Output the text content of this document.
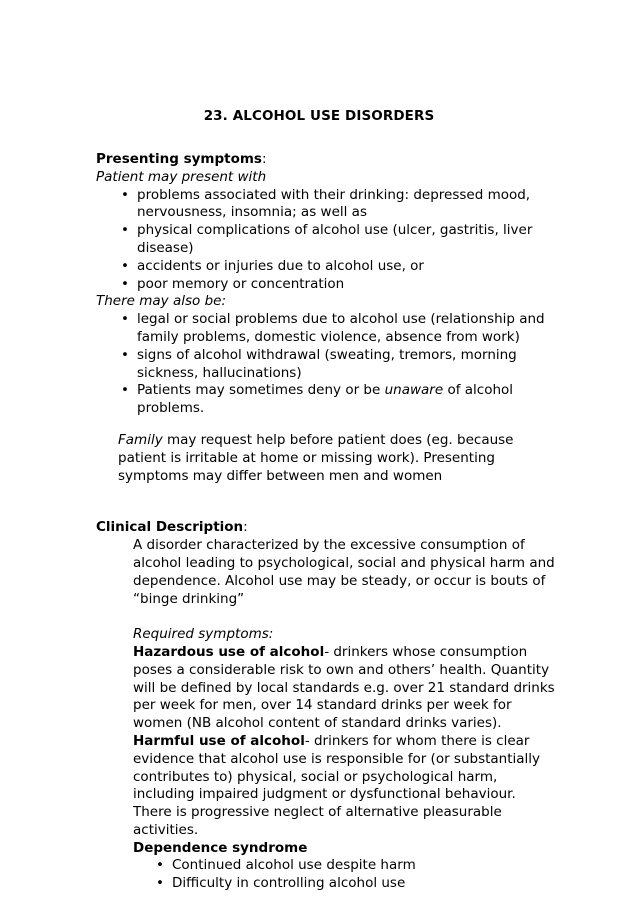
23. ALCOHOL USE DISORDERS
Presenting symptoms:
Patient may present with
• problems associated with their drinking: depressed mood, nervousness, insomnia; as well as
• physical complications of alcohol use (ulcer, gastritis, liver disease)
• accidents or injuries due to alcohol use, or
• poor memory or concentration
There may also be:
• legal or social problems due to alcohol use (relationship and family problems, domestic violence, absence from work)
• signs of alcohol withdrawal (sweating, tremors, morning sickness, hallucinations)
• Patients may sometimes deny or be unaware of alcohol problems.
Family may request help before patient does (eg. because patient is irritable at home or missing work). Presenting symptoms may differ between men and women
Clinical Description:
A disorder characterized by the excessive consumption of alcohol leading to psychological, social and physical harm and dependence. Alcohol use may be steady, or occur is bouts of “binge drinking”
Required symptoms:
Hazardous use of alcohol- drinkers whose consumption poses a considerable risk to own and others’ health. Quantity will be defined by local standards e.g. over 21 standard drinks per week for men, over 14 standard drinks per week for women (NB alcohol content of standard drinks varies).
Harmful use of alcohol- drinkers for whom there is clear evidence that alcohol use is responsible for (or substantially contributes to) physical, social or psychological harm, including impaired judgment or dysfunctional behaviour. There is progressive neglect of alternative pleasurable activities.
Dependence syndrome
• Continued alcohol use despite harm
• Difficulty in controlling alcohol use
